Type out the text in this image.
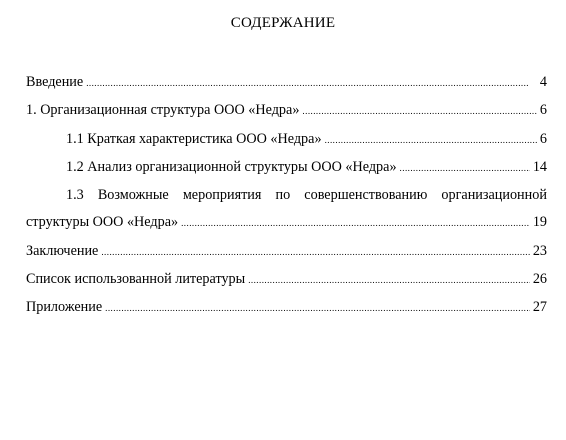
СОДЕРЖАНИЕ
Введение . . .	4
1. Организационная структура ООО «Недра» . . .	6
1.1 Краткая характеристика ООО «Недра» . . .	6
1.2 Анализ организационной структуры ООО «Недра» . . .	14
1.3 Возможные мероприятия по совершенствованию организационной
структуры ООО «Недра» . . .	19
Заключение . . .	23
Список использованной литературы . . .	26
Приложение . . .	27
